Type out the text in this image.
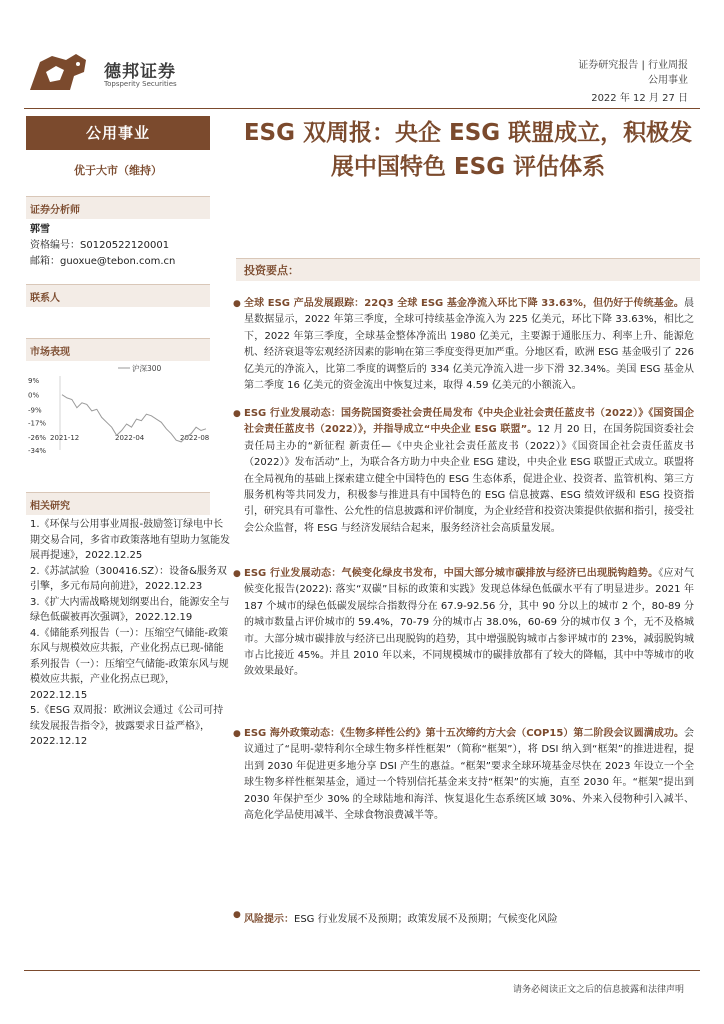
德邦证券
Topsperity Securities
证券研究报告 | 行业周报
公用事业
2022 年 12 月 27 日
公用事业
优于大市（维持）
证券分析师
郭雪
资格编号：S0120522120001
邮箱：guoxue@tebon.com.cn
联系人
市场表现
9%
0%
-9%
-17%
-26%
-34%
2021-12	2022-04	2022-08
沪深300
相关研究

1.《环保与公用事业周报-鼓励签订绿电中长期交易合同，多省市政策落地有望助力氢能发展再提速》，2022.12.25

2.《苏試試验（300416.SZ）：设备&服务双引擎，多元布局向前进》，2022.12.23

3.《扩大内需战略规划纲要出台，能源安全与绿色低碳被再次强调》，2022.12.19

4.《储能系列报告（一）：压缩空气储能-政策东风与规模效应共振，产业化拐点已现-储能系列报告（一）：压缩空气储能-政策东风与规模效应共振，产业化拐点已现》，2022.12.15

5.《ESG 双周报：欧洲议会通过《公司可持续发展报告指令》，披露要求日益严格》，2022.12.12

ESG 双周报：央企 ESG 联盟成立，积极发展中国特色 ESG 评估体系
投资要点：
● 全球 ESG 产品发展跟踪：22Q3 全球 ESG 基金净流入环比下降 33.63%，但仍好于传统基金。晨星数据显示，2022 年第三季度，全球可持续基金净流入为 225 亿美元，环比下降 33.63%，相比之下，2022 年第三季度，全球基金整体净流出 1980 亿美元，主要源于通胀压力、利率上升、能源危机、经济衰退等宏观经济因素的影响在第三季度变得更加严重。分地区看，欧洲 ESG 基金吸引了 226 亿美元的净流入，比第二季度的调整后的 334 亿美元净流入进一步下滑 32.34%。美国 ESG 基金从第二季度 16 亿美元的资金流出中恢复过来，取得 4.59 亿美元的小额流入。
● ESG 行业发展动态：国务院国资委社会责任局发布《中央企业社会责任蓝皮书（2022）》《国资国企社会责任蓝皮书（2022）》，并指导成立“中央企业 ESG 联盟”。12 月 20 日，在国务院国资委社会责任局主办的“新征程 新责任—《中央企业社会责任蓝皮书（2022）》《国资国企社会责任蓝皮书（2022）》发布活动”上，为联合各方助力中央企业 ESG 建设，中央企业 ESG 联盟正式成立。联盟将在全局视角的基础上探索建立健全中国特色的 ESG 生态体系，促进企业、投资者、监管机构、第三方服务机构等共同发力，积极参与推进具有中国特色的 ESG 信息披露、ESG 绩效评级和 ESG 投资指引，研究具有可靠性、公允性的信息披露和评价制度，为企业经营和投资决策提供依据和指引，接受社会公众监督，将 ESG 与经济发展结合起来，服务经济社会高质量发展。
● ESG 行业发展动态：气候变化绿皮书发布，中国大部分城市碳排放与经济已出现脱钩趋势。《应对气候变化报告(2022): 落实“双碳”目标的政策和实践》发现总体绿色低碳水平有了明显进步。2021 年 187 个城市的绿色低碳发展综合指数得分在 67.9-92.56 分，其中 90 分以上的城市 2 个，80-89 分的城市数量占评价城市的 59.4%，70-79 分的城市占 38.0%，60-69 分的城市仅 3 个，无不及格城市。大部分城市碳排放与经济已出现脱钩的趋势，其中增强脱钩城市占参评城市的 23%，减弱脱钩城市占比接近 45%。并且 2010 年以来，不同规模城市的碳排放都有了较大的降幅，其中中等城市的收敛效果最好。
● ESG 海外政策动态：《生物多样性公约》第十五次缔约方大会（COP15）第二阶段会议圆满成功。会议通过了“昆明-蒙特利尔全球生物多样性框架”（简称“框架”），将 DSI 纳入到“框架”的推进进程，提出到 2030 年促进更多地分享 DSI 产生的惠益。“框架”要求全球环境基金尽快在 2023 年设立一个全球生物多样性框架基金，通过一个特别信托基金来支持“框架”的实施，直至 2030 年。“框架”提出到 2030 年保护至少 30% 的全球陆地和海洋、恢复退化生态系统区域 30%、外来入侵物种引入减半、高危化学品使用减半、全球食物浪费减半等。
● 风险提示：ESG 行业发展不及预期；政策发展不及预期；气候变化风险
请务必阅读正文之后的信息披露和法律声明
